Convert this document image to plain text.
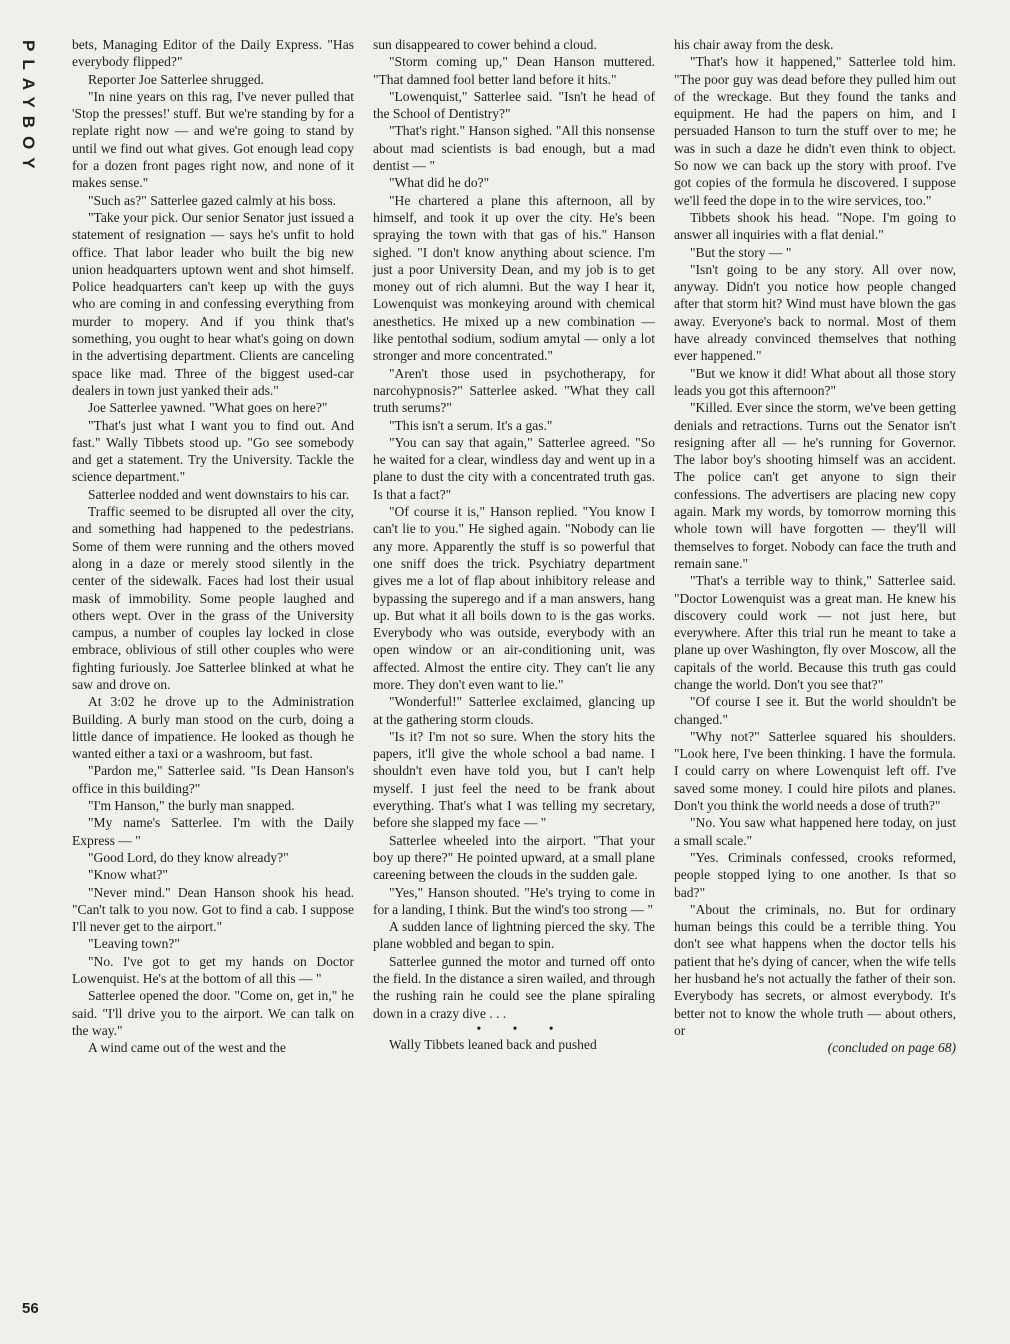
PLAYBOY
56

bets, Managing Editor of the Daily Express. "Has everybody flipped?"

Reporter Joe Satterlee shrugged.

"In nine years on this rag, I've never pulled that 'Stop the presses!' stuff. But we're standing by for a replate right now — and we're going to stand by until we find out what gives. Got enough lead copy for a dozen front pages right now, and none of it makes sense."

"Such as?" Satterlee gazed calmly at his boss.

"Take your pick. Our senior Senator just issued a statement of resignation — says he's unfit to hold office. That labor leader who built the big new union headquarters uptown went and shot himself. Police headquarters can't keep up with the guys who are coming in and confessing everything from murder to mopery. And if you think that's something, you ought to hear what's going on down in the advertising department. Clients are canceling space like mad. Three of the biggest used-car dealers in town just yanked their ads."

Joe Satterlee yawned. "What goes on here?"

"That's just what I want you to find out. And fast." Wally Tibbets stood up. "Go see somebody and get a statement. Try the University. Tackle the science department."

Satterlee nodded and went downstairs to his car.

Traffic seemed to be disrupted all over the city, and something had happened to the pedestrians. Some of them were running and the others moved along in a daze or merely stood silently in the center of the sidewalk. Faces had lost their usual mask of immobility. Some people laughed and others wept. Over in the grass of the University campus, a number of couples lay locked in close embrace, oblivious of still other couples who were fighting furiously. Joe Satterlee blinked at what he saw and drove on.

At 3:02 he drove up to the Administration Building. A burly man stood on the curb, doing a little dance of impatience. He looked as though he wanted either a taxi or a washroom, but fast.

"Pardon me," Satterlee said. "Is Dean Hanson's office in this building?"

"I'm Hanson," the burly man snapped.

"My name's Satterlee. I'm with the Daily Express — "

"Good Lord, do they know already?"

"Know what?"

"Never mind." Dean Hanson shook his head. "Can't talk to you now. Got to find a cab. I suppose I'll never get to the airport."

"Leaving town?"

"No. I've got to get my hands on Doctor Lowenquist. He's at the bottom of all this — "

Satterlee opened the door. "Come on, get in," he said. "I'll drive you to the airport. We can talk on the way."

A wind came out of the west and the

sun disappeared to cower behind a cloud.

"Storm coming up," Dean Hanson muttered. "That damned fool better land before it hits."

"Lowenquist," Satterlee said. "Isn't he head of the School of Dentistry?"

"That's right." Hanson sighed. "All this nonsense about mad scientists is bad enough, but a mad dentist — "

"What did he do?"

"He chartered a plane this afternoon, all by himself, and took it up over the city. He's been spraying the town with that gas of his." Hanson sighed. "I don't know anything about science. I'm just a poor University Dean, and my job is to get money out of rich alumni. But the way I hear it, Lowenquist was monkeying around with chemical anesthetics. He mixed up a new combination — like pentothal sodium, sodium amytal — only a lot stronger and more concentrated."

"Aren't those used in psychotherapy, for narcohypnosis?" Satterlee asked. "What they call truth serums?"

"This isn't a serum. It's a gas."

"You can say that again," Satterlee agreed. "So he waited for a clear, windless day and went up in a plane to dust the city with a concentrated truth gas. Is that a fact?"

"Of course it is," Hanson replied. "You know I can't lie to you." He sighed again. "Nobody can lie any more. Apparently the stuff is so powerful that one sniff does the trick. Psychiatry department gives me a lot of flap about inhibitory release and bypassing the superego and if a man answers, hang up. But what it all boils down to is the gas works. Everybody who was outside, everybody with an open window or an air-conditioning unit, was affected. Almost the entire city. They can't lie any more. They don't even want to lie."

"Wonderful!" Satterlee exclaimed, glancing up at the gathering storm clouds.

"Is it? I'm not so sure. When the story hits the papers, it'll give the whole school a bad name. I shouldn't even have told you, but I can't help myself. I just feel the need to be frank about everything. That's what I was telling my secretary, before she slapped my face — "

Satterlee wheeled into the airport. "That your boy up there?" He pointed upward, at a small plane careening between the clouds in the sudden gale.

"Yes," Hanson shouted. "He's trying to come in for a landing, I think. But the wind's too strong — "

A sudden lance of lightning pierced the sky. The plane wobbled and began to spin.

Satterlee gunned the motor and turned off onto the field. In the distance a siren wailed, and through the rushing rain he could see the plane spiraling down in a crazy dive . . .

• • •

Wally Tibbets leaned back and pushed

his chair away from the desk.

"That's how it happened," Satterlee told him. "The poor guy was dead before they pulled him out of the wreckage. But they found the tanks and equipment. He had the papers on him, and I persuaded Hanson to turn the stuff over to me; he was in such a daze he didn't even think to object. So now we can back up the story with proof. I've got copies of the formula he discovered. I suppose we'll feed the dope in to the wire services, too."

Tibbets shook his head. "Nope. I'm going to answer all inquiries with a flat denial."

"But the story — "

"Isn't going to be any story. All over now, anyway. Didn't you notice how people changed after that storm hit? Wind must have blown the gas away. Everyone's back to normal. Most of them have already convinced themselves that nothing ever happened."

"But we know it did! What about all those story leads you got this afternoon?"

"Killed. Ever since the storm, we've been getting denials and retractions. Turns out the Senator isn't resigning after all — he's running for Governor. The labor boy's shooting himself was an accident. The police can't get anyone to sign their confessions. The advertisers are placing new copy again. Mark my words, by tomorrow morning this whole town will have forgotten — they'll will themselves to forget. Nobody can face the truth and remain sane."

"That's a terrible way to think," Satterlee said. "Doctor Lowenquist was a great man. He knew his discovery could work — not just here, but everywhere. After this trial run he meant to take a plane up over Washington, fly over Moscow, all the capitals of the world. Because this truth gas could change the world. Don't you see that?"

"Of course I see it. But the world shouldn't be changed."

"Why not?" Satterlee squared his shoulders. "Look here, I've been thinking. I have the formula. I could carry on where Lowenquist left off. I've saved some money. I could hire pilots and planes. Don't you think the world needs a dose of truth?"

"No. You saw what happened here today, on just a small scale."

"Yes. Criminals confessed, crooks reformed, people stopped lying to one another. Is that so bad?"

"About the criminals, no. But for ordinary human beings this could be a terrible thing. You don't see what happens when the doctor tells his patient that he's dying of cancer, when the wife tells her husband he's not actually the father of their son. Everybody has secrets, or almost everybody. It's better not to know the whole truth — about others, or

(concluded on page 68)
